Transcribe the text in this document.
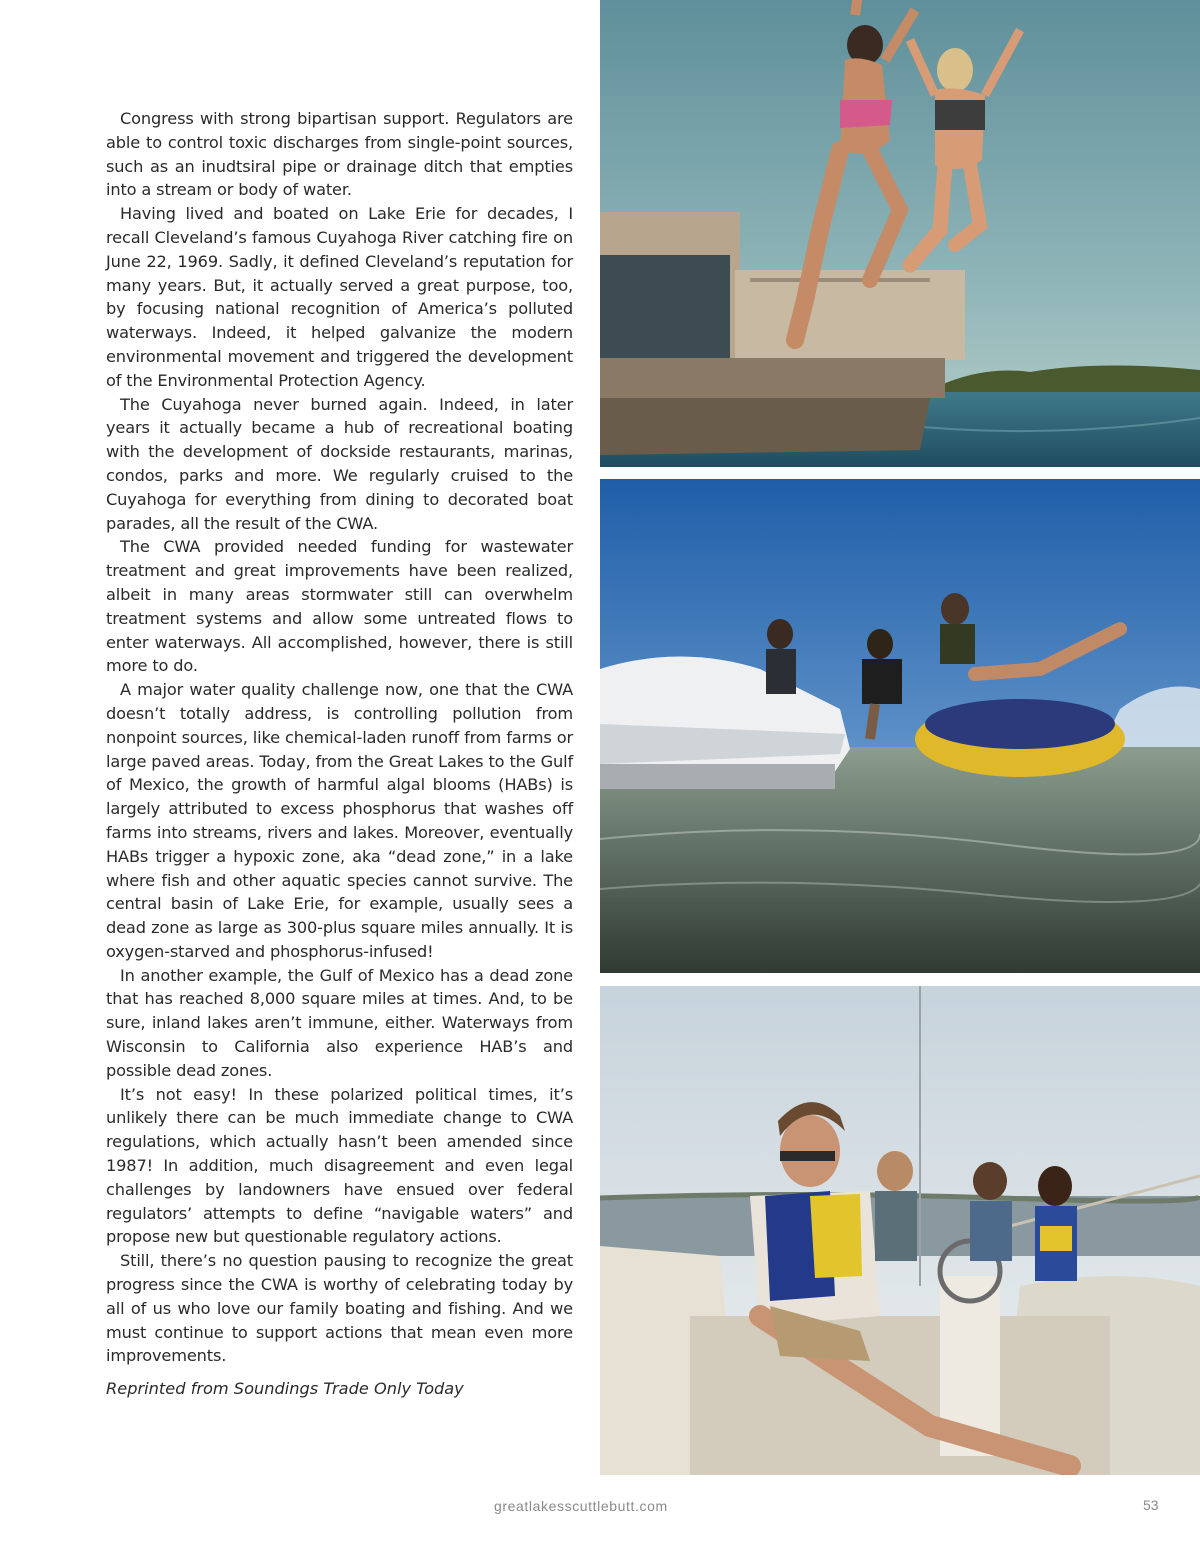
Congress with strong bipartisan support. Regulators are able to control toxic discharges from single-point sources, such as an inudtsiral pipe or drainage ditch that empties into a stream or body of water.

Having lived and boated on Lake Erie for decades, I recall Cleveland’s famous Cuyahoga River catching fire on June 22, 1969. Sadly, it defined Cleveland’s reputation for many years. But, it actually served a great purpose, too, by focusing national recognition of America’s polluted waterways. Indeed, it helped galvanize the modern environmental movement and triggered the development of the Environmental Protection Agency.

The Cuyahoga never burned again. Indeed, in later years it actually became a hub of recreational boating with the development of dockside restaurants, marinas, condos, parks and more. We regularly cruised to the Cuyahoga for everything from dining to decorated boat parades, all the result of the CWA.

The CWA provided needed funding for wastewater treatment and great improvements have been realized, albeit in many areas stormwater still can overwhelm treatment systems and allow some untreated flows to enter waterways. All accomplished, however, there is still more to do.

A major water quality challenge now, one that the CWA doesn’t totally address, is controlling pollution from nonpoint sources, like chemical-laden runoff from farms or large paved areas. Today, from the Great Lakes to the Gulf of Mexico, the growth of harmful algal blooms (HABs) is largely attributed to excess phosphorus that washes off farms into streams, rivers and lakes. Moreover, eventually HABs trigger a hypoxic zone, aka “dead zone,” in a lake where fish and other aquatic species cannot survive. The central basin of Lake Erie, for example, usually sees a dead zone as large as 300-plus square miles annually. It is oxygen-starved and phosphorus-infused!

In another example, the Gulf of Mexico has a dead zone that has reached 8,000 square miles at times. And, to be sure, inland lakes aren’t immune, either. Waterways from Wisconsin to California also experience HAB’s and possible dead zones.

It’s not easy! In these polarized political times, it’s unlikely there can be much immediate change to CWA regulations, which actually hasn’t been amended since 1987! In addition, much disagreement and even legal challenges by landowners have ensued over federal regulators’ attempts to define “navigable waters” and propose new but questionable regulatory actions.

Still, there’s no question pausing to recognize the great progress since the CWA is worthy of celebrating today by all of us who love our family boating and fishing. And we must continue to support actions that mean even more improvements.

Reprinted from Soundings Trade Only Today

greatlakesscuttlebutt.com	53
